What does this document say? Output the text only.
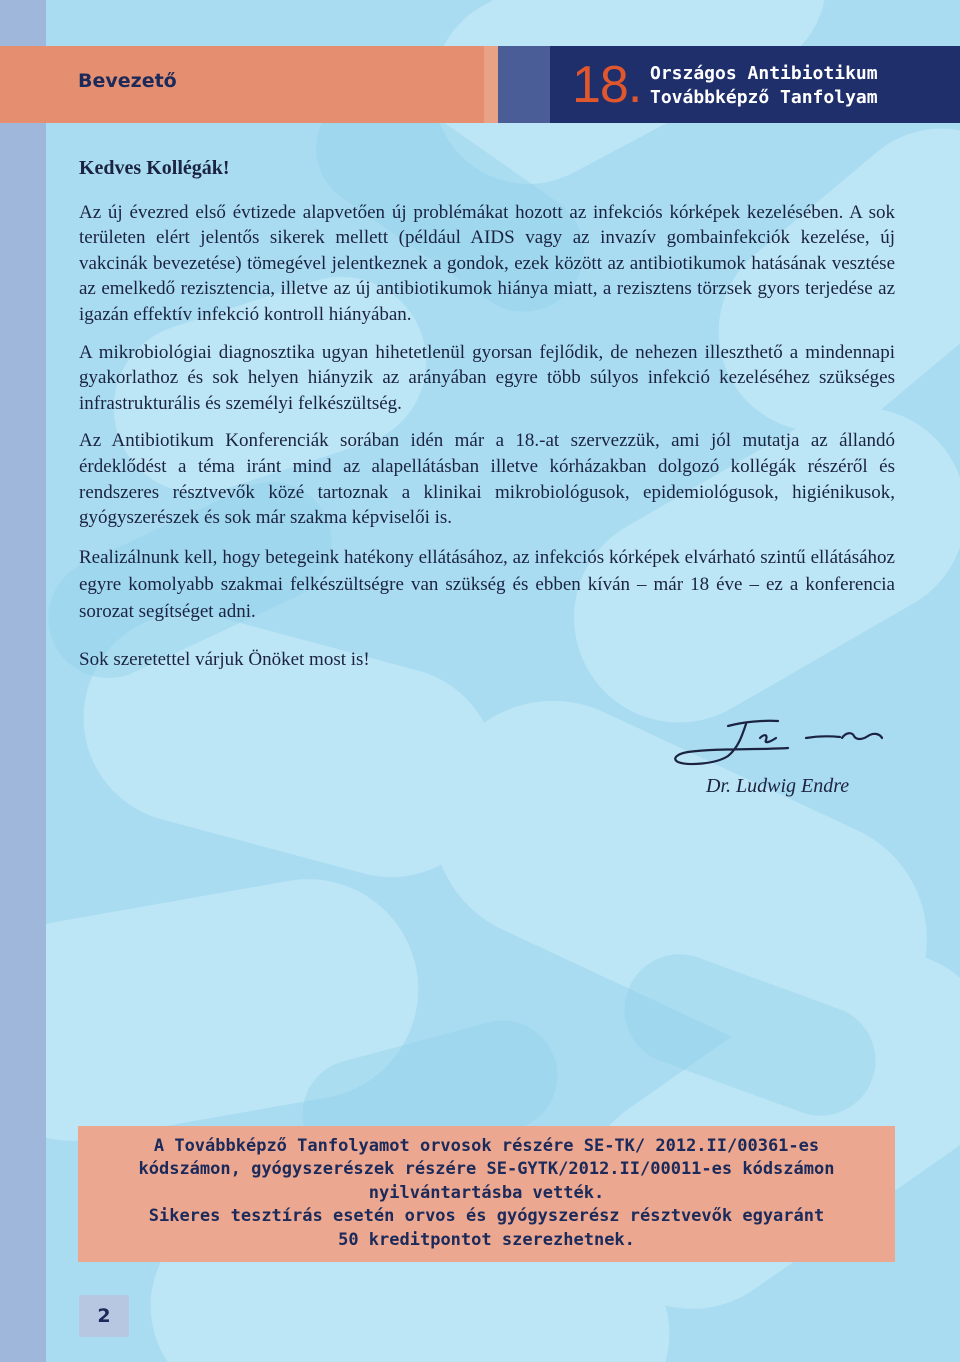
Bevezető	18. Országos Antibiotikum
Továbbképző Tanfolyam

Kedves Kollégák!

Az új évezred első évtizede alapvetően új problémákat hozott az infekciós kórképek kezelésében. A sok területen elért jelentős sikerek mellett (például AIDS vagy az invazív gombainfekciók kezelése, új vakcinák bevezetése) tömegével jelentkeznek a gondok, ezek között az antibiotikumok hatásának vesztése az emelkedő rezisztencia, illetve az új antibiotikumok hiánya miatt, a rezisztens törzsek gyors terjedése az igazán effektív infekció kontroll hiányában.

A mikrobiológiai diagnosztika ugyan hihetetlenül gyorsan fejlődik, de nehezen illeszthető a mindennapi gyakorlathoz és sok helyen hiányzik az arányában egyre több súlyos infekció kezeléséhez szükséges infrastrukturális és személyi felkészültség.

Az Antibiotikum Konferenciák sorában idén már a 18.-at szervezzük, ami jól mutatja az állandó érdeklődést a téma iránt mind az alapellátásban illetve kórházakban dolgozó kollégák részéről és rendszeres résztvevők közé tartoznak a klinikai mikrobiológusok, epidemiológusok, higiénikusok, gyógyszerészek és sok már szakma képviselői is.

Realizálnunk kell, hogy betegeink hatékony ellátásához, az infekciós kórképek elvárható szintű ellátásához egyre komolyabb szakmai felkészültségre van szükség és ebben kíván – már 18 éve – ez a konferencia sorozat segítséget adni.

Sok szeretettel várjuk Önöket most is!

Dr. Ludwig Endre
A Továbbképző Tanfolyamot orvosok részére SE-TK/ 2012.II/00361-es
kódszámon, gyógyszerészek részére SE-GYTK/2012.II/00011-es kódszámon
nyilvántartásba vették.
Sikeres tesztírás esetén orvos és gyógyszerész résztvevők egyaránt
50 kreditpontot szerezhetnek.
2
